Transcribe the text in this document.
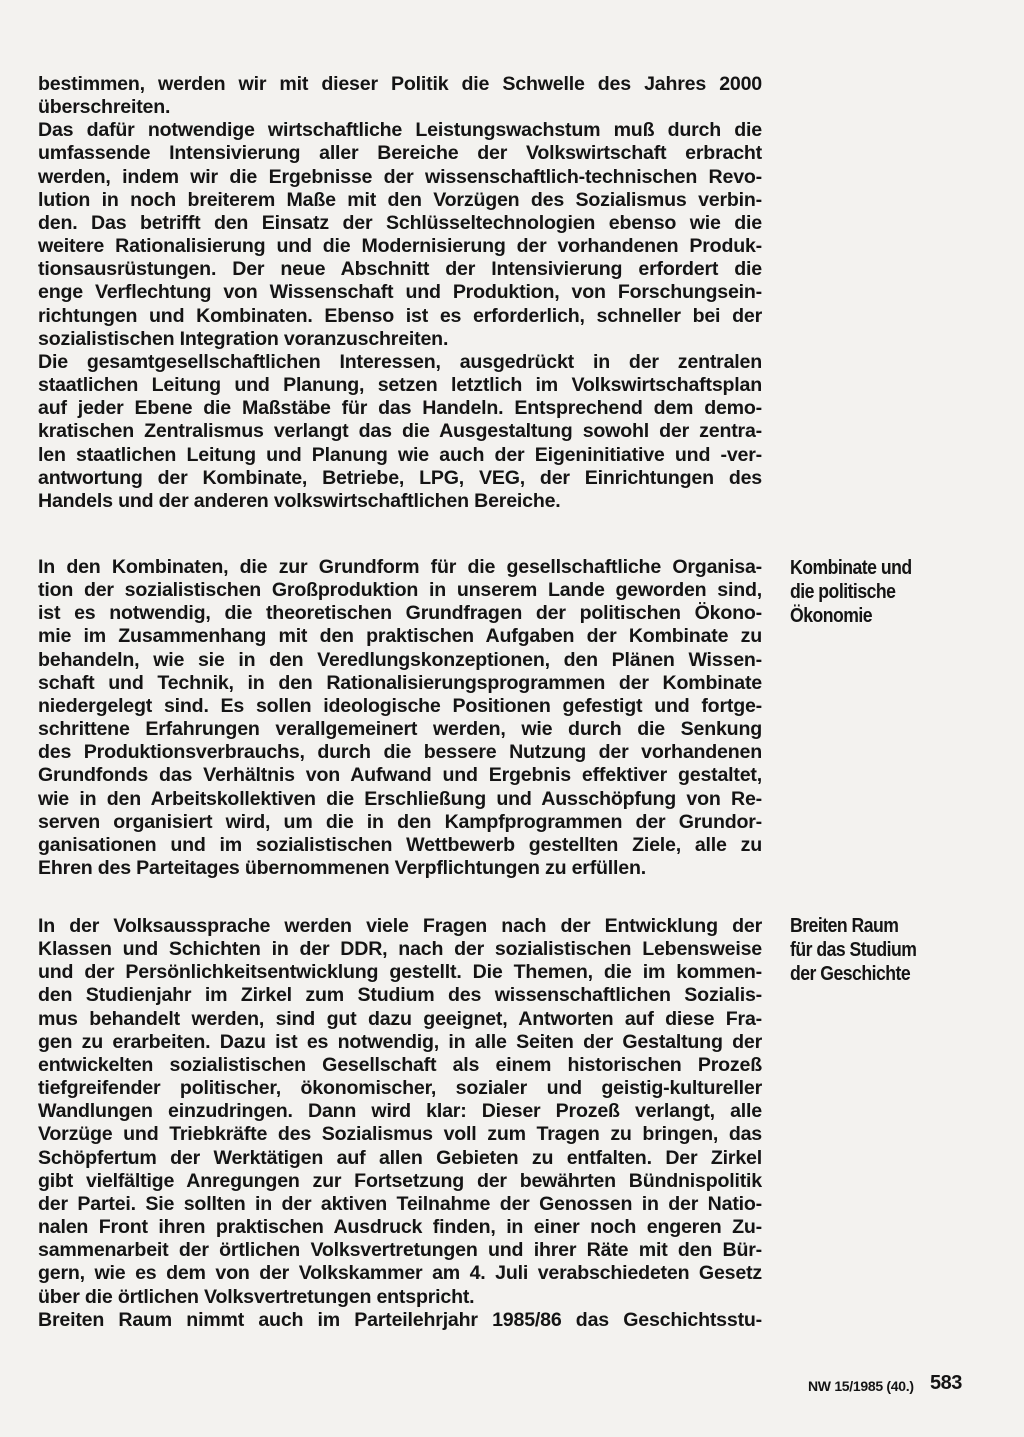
bestimmen, werden wir mit dieser Politik die Schwelle des Jahres 2000
überschreiten.
Das dafür notwendige wirtschaftliche Leistungswachstum muß durch die
umfassende Intensivierung aller Bereiche der Volkswirtschaft erbracht
werden, indem wir die Ergebnisse der wissenschaftlich-technischen Revo-
lution in noch breiterem Maße mit den Vorzügen des Sozialismus verbin-
den. Das betrifft den Einsatz der Schlüsseltechnologien ebenso wie die
weitere Rationalisierung und die Modernisierung der vorhandenen Produk-
tionsausrüstungen. Der neue Abschnitt der Intensivierung erfordert die
enge Verflechtung von Wissenschaft und Produktion, von Forschungsein-
richtungen und Kombinaten. Ebenso ist es erforderlich, schneller bei der
sozialistischen Integration voranzuschreiten.
Die gesamtgesellschaftlichen Interessen, ausgedrückt in der zentralen
staatlichen Leitung und Planung, setzen letztlich im Volkswirtschaftsplan
auf jeder Ebene die Maßstäbe für das Handeln. Entsprechend dem demo-
kratischen Zentralismus verlangt das die Ausgestaltung sowohl der zentra-
len staatlichen Leitung und Planung wie auch der Eigeninitiative und -ver-
antwortung der Kombinate, Betriebe, LPG, VEG, der Einrichtungen des
Handels und der anderen volkswirtschaftlichen Bereiche.
In den Kombinaten, die zur Grundform für die gesellschaftliche Organisa-
tion der sozialistischen Großproduktion in unserem Lande geworden sind,
ist es notwendig, die theoretischen Grundfragen der politischen Ökono-
mie im Zusammenhang mit den praktischen Aufgaben der Kombinate zu
behandeln, wie sie in den Veredlungskonzeptionen, den Plänen Wissen-
schaft und Technik, in den Rationalisierungsprogrammen der Kombinate
niedergelegt sind. Es sollen ideologische Positionen gefestigt und fortge-
schrittene Erfahrungen verallgemeinert werden, wie durch die Senkung
des Produktionsverbrauchs, durch die bessere Nutzung der vorhandenen
Grundfonds das Verhältnis von Aufwand und Ergebnis effektiver gestaltet,
wie in den Arbeitskollektiven die Erschließung und Ausschöpfung von Re-
serven organisiert wird, um die in den Kampfprogrammen der Grundor-
ganisationen und im sozialistischen Wettbewerb gestellten Ziele, alle zu
Ehren des Parteitages übernommenen Verpflichtungen zu erfüllen.
In der Volksaussprache werden viele Fragen nach der Entwicklung der
Klassen und Schichten in der DDR, nach der sozialistischen Lebensweise
und der Persönlichkeitsentwicklung gestellt. Die Themen, die im kommen-
den Studienjahr im Zirkel zum Studium des wissenschaftlichen Sozialis-
mus behandelt werden, sind gut dazu geeignet, Antworten auf diese Fra-
gen zu erarbeiten. Dazu ist es notwendig, in alle Seiten der Gestaltung der
entwickelten sozialistischen Gesellschaft als einem historischen Prozeß
tiefgreifender politischer, ökonomischer, sozialer und geistig-kultureller
Wandlungen einzudringen. Dann wird klar: Dieser Prozeß verlangt, alle
Vorzüge und Triebkräfte des Sozialismus voll zum Tragen zu bringen, das
Schöpfertum der Werktätigen auf allen Gebieten zu entfalten. Der Zirkel
gibt vielfältige Anregungen zur Fortsetzung der bewährten Bündnispolitik
der Partei. Sie sollten in der aktiven Teilnahme der Genossen in der Natio-
nalen Front ihren praktischen Ausdruck finden, in einer noch engeren Zu-
sammenarbeit der örtlichen Volksvertretungen und ihrer Räte mit den Bür-
gern, wie es dem von der Volkskammer am 4. Juli verabschiedeten Gesetz
über die örtlichen Volksvertretungen entspricht.
Breiten Raum nimmt auch im Parteilehrjahr 1985/86 das Geschichtsstu-
Kombinate und
die politische
Ökonomie
Breiten Raum
für das Studium
der Geschichte
NW 15/1985 (40.) 583
